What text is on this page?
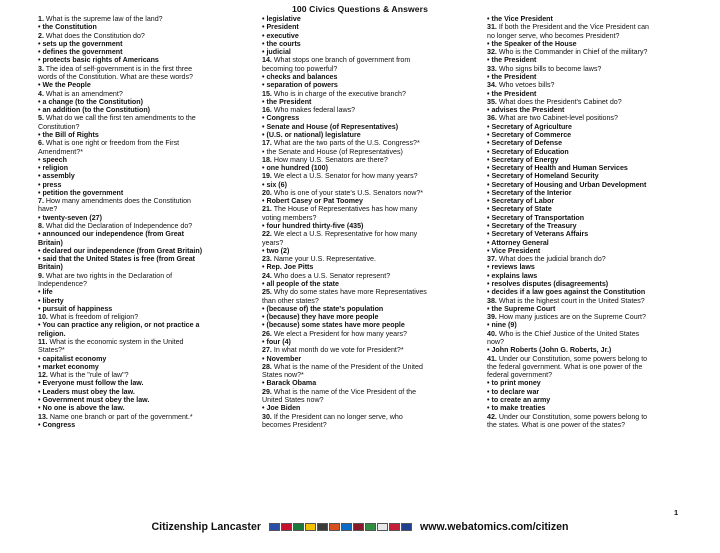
100 Civics Questions & Answers
1. What is the supreme law of the land?
• the Constitution
2. What does the Constitution do?
• sets up the government
• defines the government
• protects basic rights of Americans
3. The idea of self-government is in the first three
words of the Constitution. What are these words?
• We the People
4. What is an amendment?
• a change (to the Constitution)
• an addition (to the Constitution)
5. What do we call the first ten amendments to the
Constitution?
• the Bill of Rights
6. What is one right or freedom from the First
Amendment?*
• speech
• religion
• assembly
• press
• petition the government
7. How many amendments does the Constitution
have?
• twenty-seven (27)
8. What did the Declaration of Independence do?
• announced our independence (from Great
Britain)
• declared our independence (from Great Britain)
• said that the United States is free (from Great
Britain)
9. What are two rights in the Declaration of
Independence?
• life
• liberty
• pursuit of happiness
10. What is freedom of religion?
• You can practice any religion, or not practice a
religion.
11. What is the economic system in the United
States?*
• capitalist economy
• market economy
12. What is the "rule of law"?
• Everyone must follow the law.
• Leaders must obey the law.
• Government must obey the law.
• No one is above the law.
13. Name one branch or part of the government.*
• Congress
• legislative
• President
• executive
• the courts
• judicial
14. What stops one branch of government from
becoming too powerful?
• checks and balances
• separation of powers
15. Who is in charge of the executive branch?
• the President
16. Who makes federal laws?
• Congress
• Senate and House (of Representatives)
• (U.S. or national) legislature
17. What are the two parts of the U.S. Congress?*
• the Senate and House (of Representatives)
18. How many U.S. Senators are there?
• one hundred (100)
19. We elect a U.S. Senator for how many years?
• six (6)
20. Who is one of your state's U.S. Senators now?*
• Robert Casey or Pat Toomey
21. The House of Representatives has how many
voting members?
• four hundred thirty-five (435)
22. We elect a U.S. Representative for how many
years?
• two (2)
23. Name your U.S. Representative.
• Rep. Joe Pitts
24. Who does a U.S. Senator represent?
• all people of the state
25. Why do some states have more Representatives
than other states?
• (because of) the state's population
• (because) they have more people
• (because) some states have more people
26. We elect a President for how many years?
• four (4)
27. In what month do we vote for President?*
• November
28. What is the name of the President of the United
States now?*
• Barack Obama
29. What is the name of the Vice President of the
United States now?
• Joe Biden
30. If the President can no longer serve, who
becomes President?
• the Vice President
31. If both the President and the Vice President can
no longer serve, who becomes President?
• the Speaker of the House
32. Who is the Commander in Chief of the military?
• the President
33. Who signs bills to become laws?
• the President
34. Who vetoes bills?
• the President
35. What does the President's Cabinet do?
• advises the President
36. What are two Cabinet-level positions?
• Secretary of Agriculture
• Secretary of Commerce
• Secretary of Defense
• Secretary of Education
• Secretary of Energy
• Secretary of Health and Human Services
• Secretary of Homeland Security
• Secretary of Housing and Urban Development
• Secretary of the Interior
• Secretary of Labor
• Secretary of State
• Secretary of Transportation
• Secretary of the Treasury
• Secretary of Veterans Affairs
• Attorney General
• Vice President
37. What does the judicial branch do?
• reviews laws
• explains laws
• resolves disputes (disagreements)
• decides if a law goes against the Constitution
38. What is the highest court in the United States?
• the Supreme Court
39. How many justices are on the Supreme Court?
• nine (9)
40. Who is the Chief Justice of the United States
now?
• John Roberts (John G. Roberts, Jr.)
41. Under our Constitution, some powers belong to
the federal government. What is one power of the
federal government?
• to print money
• to declare war
• to create an army
• to make treaties
42. Under our Constitution, some powers belong to
the states. What is one power of the states?
1
Citizenship Lancaster	www.webatomics.com/citizen
